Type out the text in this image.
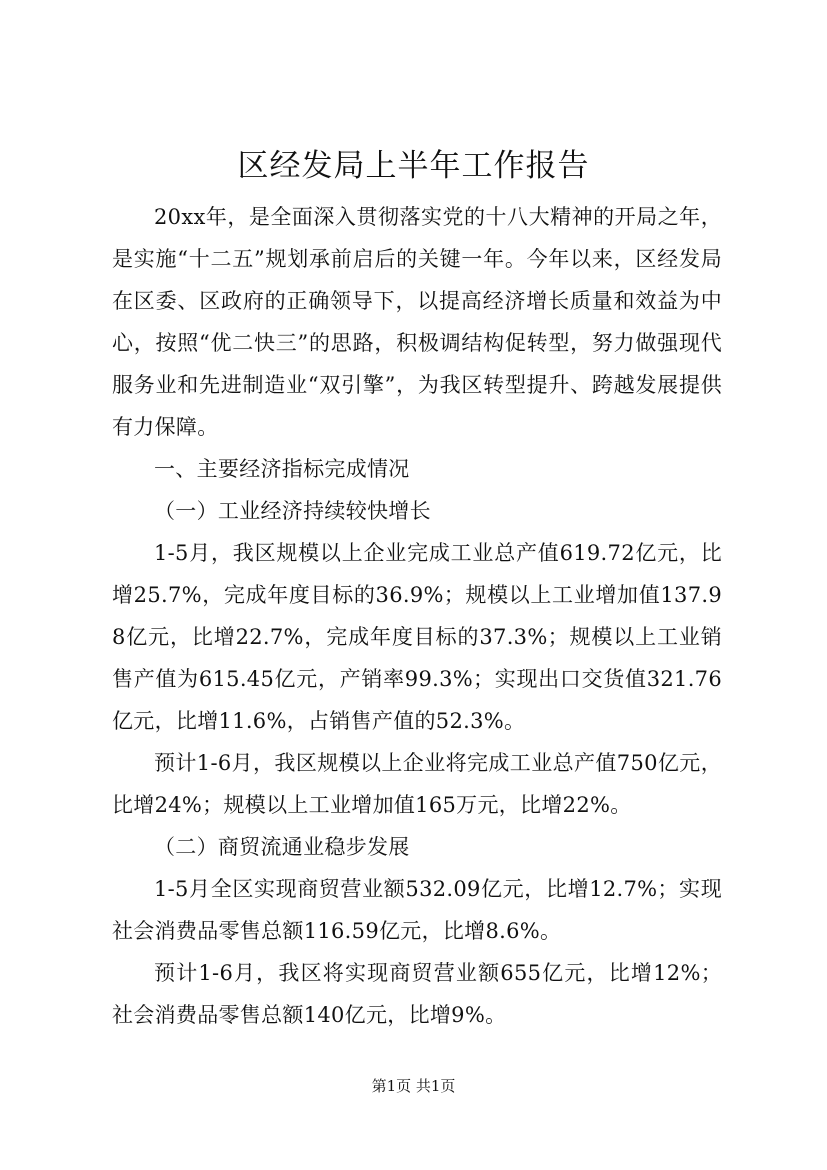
区经发局上半年工作报告

20xx年，是全面深入贯彻落实党的十八大精神的开局之年，是实施“十二五”规划承前启后的关键一年。今年以来，区经发局在区委、区政府的正确领导下，以提高经济增长质量和效益为中心，按照“优二快三”的思路，积极调结构促转型，努力做强现代服务业和先进制造业“双引擎”，为我区转型提升、跨越发展提供有力保障。

一、主要经济指标完成情况

（一）工业经济持续较快增长

1-5月，我区规模以上企业完成工业总产值619.72亿元，比增25.7%，完成年度目标的36.9%；规模以上工业增加值137.98亿元，比增22.7%，完成年度目标的37.3%；规模以上工业销售产值为615.45亿元，产销率99.3%；实现出口交货值321.76亿元，比增11.6%，占销售产值的52.3%。

预计1-6月，我区规模以上企业将完成工业总产值750亿元，比增24%；规模以上工业增加值165万元，比增22%。

（二）商贸流通业稳步发展

1-5月全区实现商贸营业额532.09亿元，比增12.7%；实现社会消费品零售总额116.59亿元，比增8.6%。

预计1-6月，我区将实现商贸营业额655亿元，比增12%；社会消费品零售总额140亿元，比增9%。

第1页 共1页
